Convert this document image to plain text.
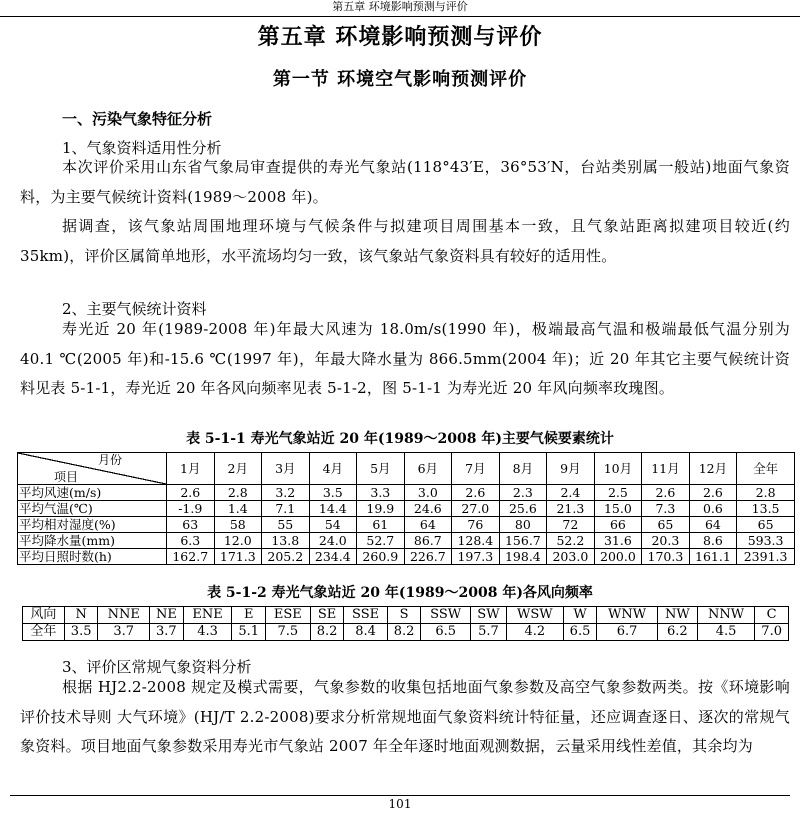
第五章 环境影响预测与评价
第五章 环境影响预测与评价
第一节 环境空气影响预测评价
一、污染气象特征分析
1、气象资料适用性分析
本次评价采用山东省气象局审查提供的寿光气象站(118°43′E，36°53′N，台站类别属一般站)地面气象资料，为主要气候统计资料(1989～2008 年)。
据调查，该气象站周围地理环境与气候条件与拟建项目周围基本一致，且气象站距离拟建项目较近(约 35km)，评价区属简单地形，水平流场均匀一致，该气象站气象资料具有较好的适用性。
2、主要气候统计资料
寿光近 20 年(1989-2008 年)年最大风速为 18.0m/s(1990 年)，极端最高气温和极端最低气温分别为 40.1 ℃(2005 年)和-15.6 ℃(1997 年)，年最大降水量为 866.5mm(2004 年)；近 20 年其它主要气候统计资料见表 5-1-1，寿光近 20 年各风向频率见表 5-1-2，图 5-1-1 为寿光近 20 年风向频率玫瑰图。
表 5-1-1 寿光气象站近 20 年(1989～2008 年)主要气候要素统计
月份
项目	1月	2月	3月	4月	5月	6月	7月	8月	9月	10月	11月	12月	全年
平均风速(m/s)	2.6	2.8	3.2	3.5	3.3	3.0	2.6	2.3	2.4	2.5	2.6	2.6	2.8
平均气温(℃)	-1.9	1.4	7.1	14.4	19.9	24.6	27.0	25.6	21.3	15.0	7.3	0.6	13.5
平均相对湿度(%)	63	58	55	54	61	64	76	80	72	66	65	64	65
平均降水量(mm)	6.3	12.0	13.8	24.0	52.7	86.7	128.4	156.7	52.2	31.6	20.3	8.6	593.3
平均日照时数(h)	162.7	171.3	205.2	234.4	260.9	226.7	197.3	198.4	203.0	200.0	170.3	161.1	2391.3
表 5-1-2 寿光气象站近 20 年(1989～2008 年)各风向频率
风向	N	NNE	NE	ENE	E	ESE	SE	SSE	S	SSW	SW	WSW	W	WNW	NW	NNW	C
全年	3.5	3.7	3.7	4.3	5.1	7.5	8.2	8.4	8.2	6.5	5.7	4.2	6.5	6.7	6.2	4.5	7.0
3、评价区常规气象资料分析
根据 HJ2.2-2008 规定及模式需要，气象参数的收集包括地面气象参数及高空气象参数两类。按《环境影响评价技术导则 大气环境》(HJ/T 2.2-2008)要求分析常规地面气象资料统计特征量，还应调查逐日、逐次的常规气象资料。项目地面气象参数采用寿光市气象站 2007 年全年逐时地面观测数据，云量采用线性差值，其余均为
101
